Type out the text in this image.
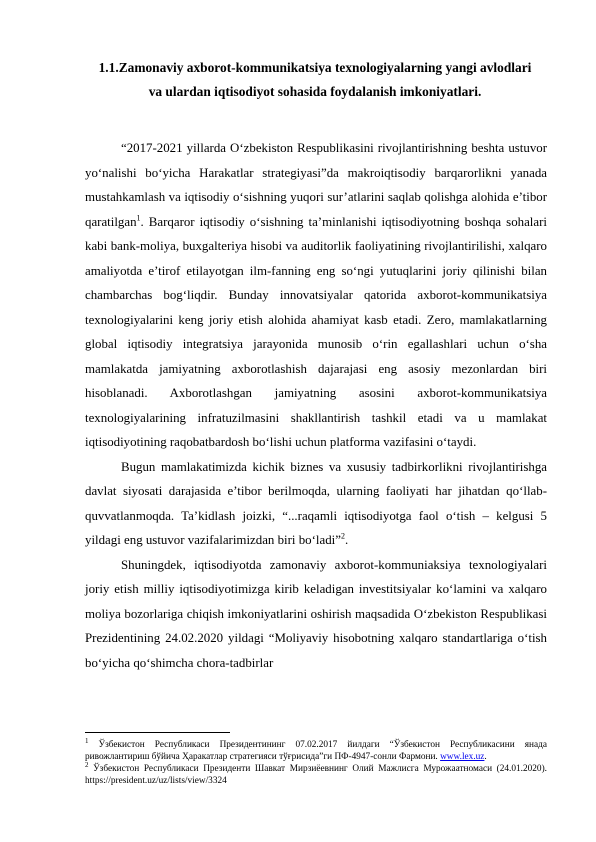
1.1.Zamonaviy axborot-kommunikatsiya texnologiyalarning yangi avlodlari
va ulardan iqtisodiyot sohasida foydalanish imkoniyatlari.

“2017-2021 yillarda O‘zbekiston Respublikasini rivojlantirishning beshta ustuvor yo‘nalishi bo‘yicha Harakatlar strategiyasi”da makroiqtisodiy barqarorlikni yanada mustahkamlash va iqtisodiy o‘sishning yuqori sur’atlarini saqlab qolishga alohida e’tibor qaratilgan$^1$. Barqaror iqtisodiy o‘sishning ta’minlanishi iqtisodiyotning boshqa sohalari kabi bank-moliya, buxgalteriya hisobi va auditorlik faoliyatining rivojlantirilishi, xalqaro amaliyotda e’tirof etilayotgan ilm-fanning eng so‘ngi yutuqlarini joriy qilinishi bilan chambarchas bog‘liqdir. Bunday innovatsiyalar qatorida axborot-kommunikatsiya texnologiyalarini keng joriy etish alohida ahamiyat kasb etadi. Zero, mamlakatlarning global iqtisodiy integratsiya jarayonida munosib o‘rin egallashlari uchun o‘sha mamlakatda jamiyatning axborotlashish dajarajasi eng asosiy mezonlardan biri hisoblanadi. Axborotlashgan jamiyatning asosini axborot-kommunikatsiya texnologiyalarining infratuzilmasini shakllantirish tashkil etadi va u mamlakat iqtisodiyotining raqobatbardosh bo‘lishi uchun platforma vazifasini o‘taydi.

Bugun mamlakatimizda kichik biznes va xususiy tadbirkorlikni rivojlantirishga davlat siyosati darajasida e’tibor berilmoqda, ularning faoliyati har jihatdan qo‘llab-quvvatlanmoqda. Ta’kidlash joizki, “...raqamli iqtisodiyotga faol o‘tish – kelgusi 5 yildagi eng ustuvor vazifalarimizdan biri bo‘ladi”$^2$.

Shuningdek, iqtisodiyotda zamonaviy axborot-kommuniaksiya texnologiyalari joriy etish milliy iqtisodiyotimizga kirib keladigan investitsiyalar ko‘lamini va xalqaro moliya bozorlariga chiqish imkoniyatlarini oshirish maqsadida O‘zbekiston Respublikasi Prezidentining 24.02.2020 yildagi “Moliyaviy hisobotning xalqaro standartlariga o‘tish bo‘yicha qo‘shimcha chora-tadbirlar

$^1$ Ўзбекистон Республикаси Президентининг 07.02.2017 йилдаги “Ўзбекистон Республикасини янада ривожлантириш бўйича Ҳаракатлар стратегияси тўғрисида”ги ПФ-4947-сонли Фармони. www.lex.uz.

$^2$ Ўзбекистон Республикаси Президенти Шавкат Мирзиёевнинг Олий Мажлисга Мурожаатномаси (24.01.2020). https://president.uz/uz/lists/view/3324
